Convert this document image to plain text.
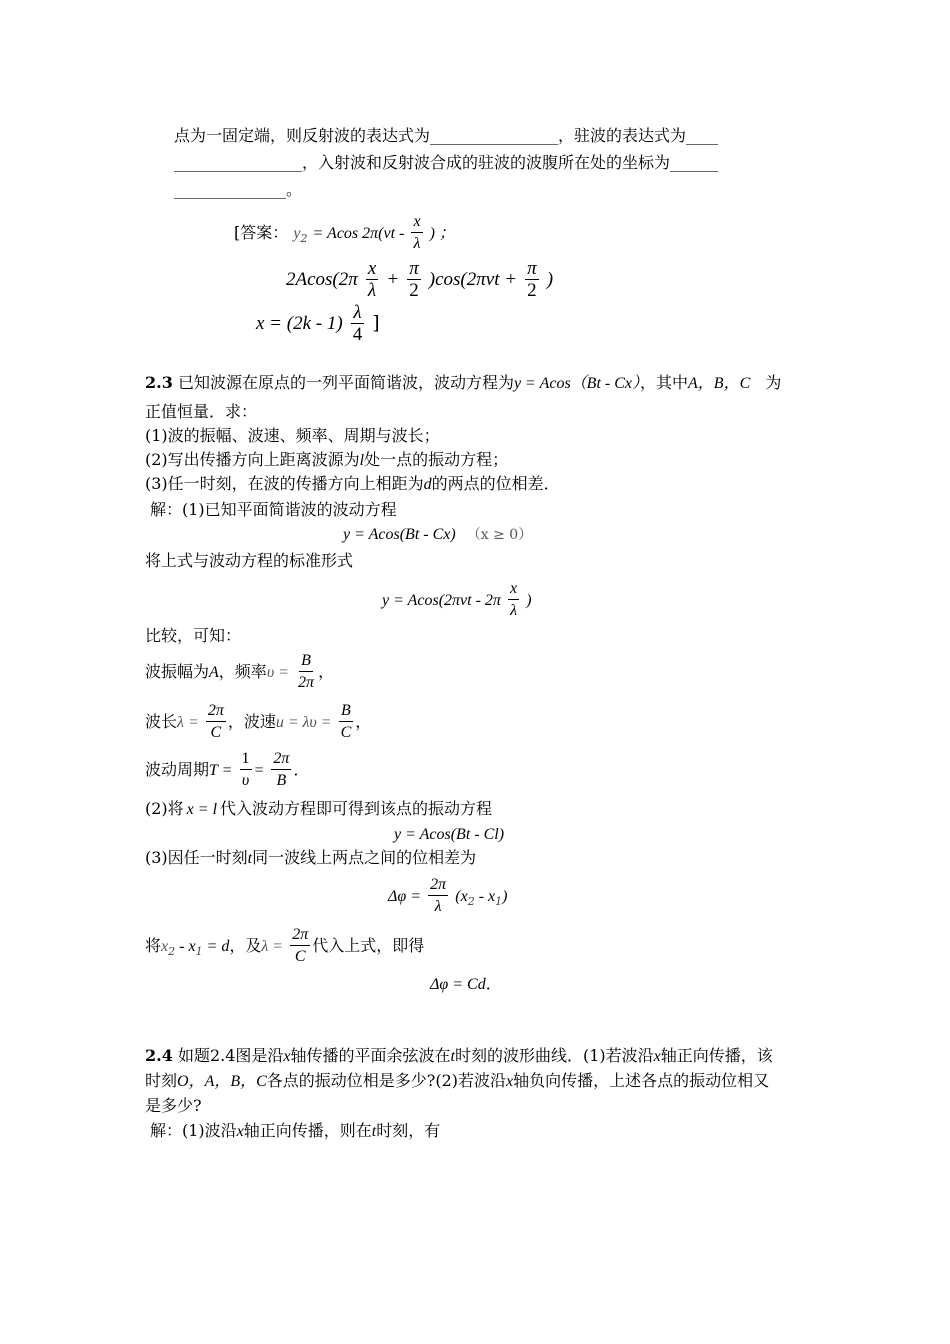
点为一固定端，则反射波的表达式为________________，驻波的表达式为____
________________，入射波和反射波合成的驻波的波腹所在处的坐标为______
______________。
[答案： $y_2 = Acos$ $2\pi(\nu t - \frac{x}{\lambda}$ ) ；
$2Acos(2\pi \frac{x}{\lambda} + \frac{\pi}{2} )\cos(2\pi\nu t + \frac{\pi}{2}$ )
$x = (2k - 1) \frac{\lambda}{4}$ ]
2.3 已知波源在原点的一列平面简谐波，波动方程为y = Acos（Bt - Cx），其中A，B，C 为
正值恒量．求：
(1)波的振幅、波速、频率、周期与波长；
(2)写出传播方向上距离波源为l处一点的振动方程；
(3)任一时刻，在波的传播方向上相距为d的两点的位相差．
解：(1)已知平面简谐波的波动方程
y = Acos(Bt - Cx) （x ≥ 0）
将上式与波动方程的标准形式
$y = Acos(2\pi\nu t - 2\pi \frac{x}{\lambda}$ )
比较，可知：
波振幅为A，频率$\upsilon = \frac{B}{2\pi}$ ，
波长$\lambda = \frac{2\pi}{C}$ ，波速$u = \lambda\upsilon = \frac{B}{C}$ ，
波动周期$T = \frac{1}{\upsilon} = \frac{2\pi}{B}$ ．
(2)将 x = l 代入波动方程即可得到该点的振动方程
y = Acos(Bt - Cl)
(3)因任一时刻t同一波线上两点之间的位相差为
$\Delta\varphi = \frac{2\pi}{\lambda} (x_2 - x_1)$
将$x_2 - x_1 = d$，及$\lambda = \frac{2\pi}{C}$ 代入上式，即得
Δφ = Cd．
2.4 如题2.4图是沿x轴传播的平面余弦波在t时刻的波形曲线．(1)若波沿x轴正向传播，该
时刻O，A，B，C各点的振动位相是多少?(2)若波沿x轴负向传播，上述各点的振动位相又
是多少?
解：(1)波沿x轴正向传播，则在t时刻，有
